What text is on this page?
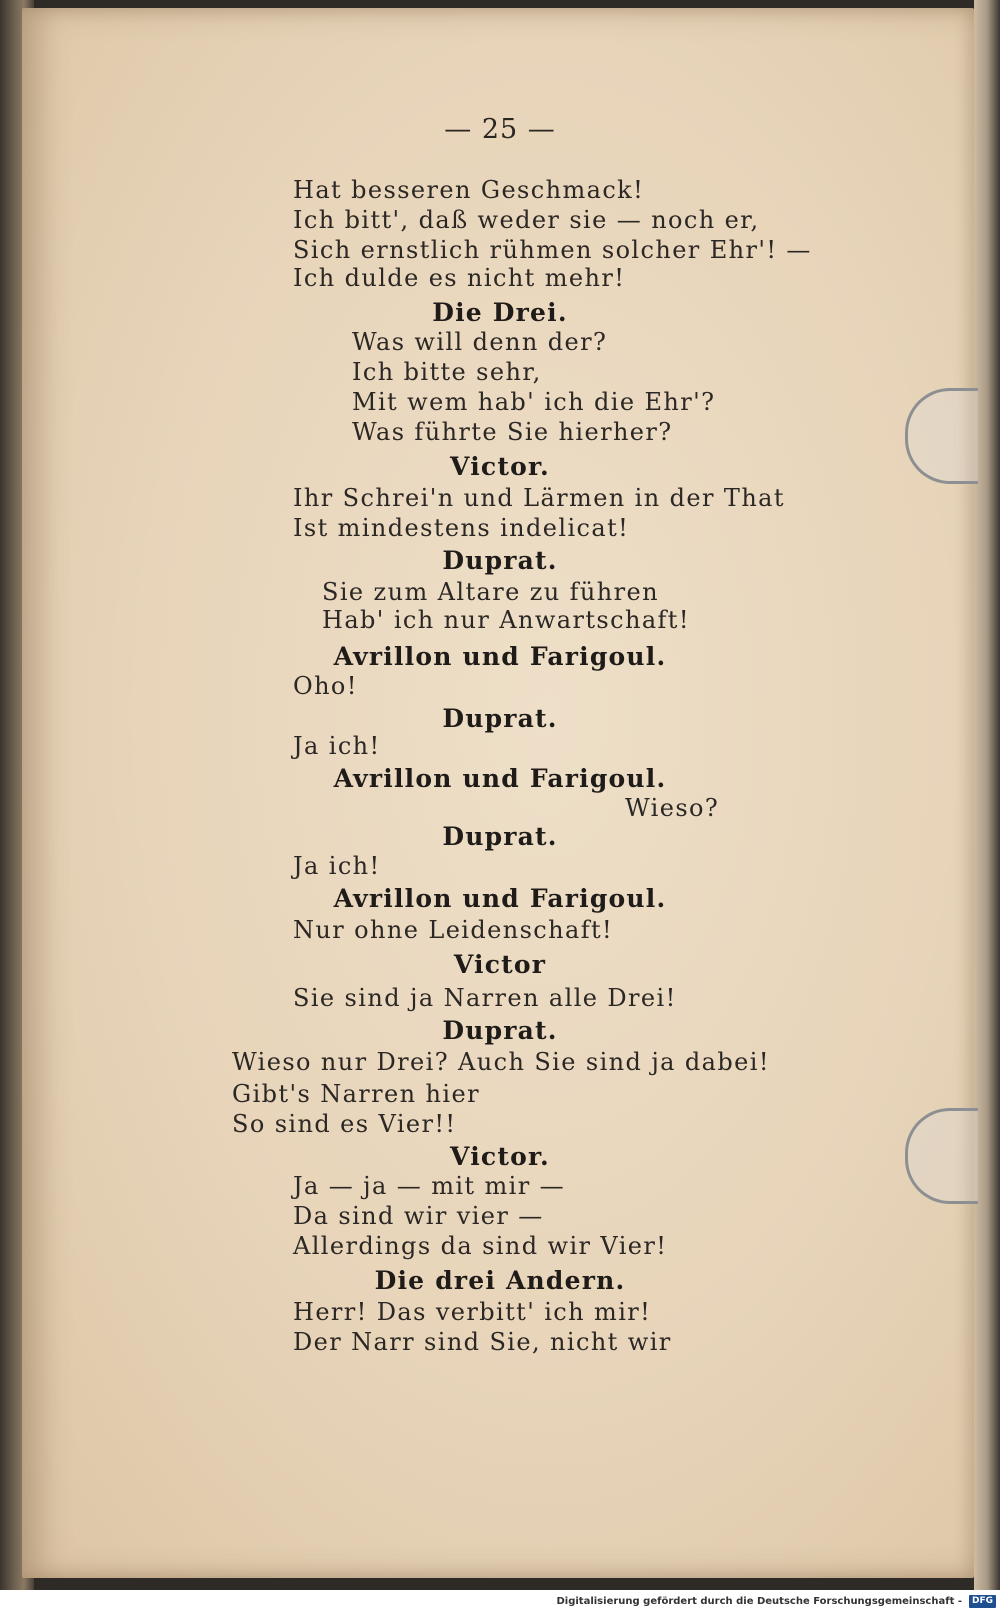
— 25 —
Hat besseren Geschmack!
Ich bitt', daß weder sie — noch er,
Sich ernstlich rühmen solcher Ehr'! —
Ich dulde es nicht mehr!
Die Drei.
Was will denn der?
Ich bitte sehr,
Mit wem hab' ich die Ehr'?
Was führte Sie hierher?
Victor.
Ihr Schrei'n und Lärmen in der That
Ist mindestens indelicat!
Duprat.
Sie zum Altare zu führen
Hab' ich nur Anwartschaft!
Avrillon und Farigoul.
Oho!
Duprat.
Ja ich!
Avrillon und Farigoul.
Wieso?
Duprat.
Ja ich!
Avrillon und Farigoul.
Nur ohne Leidenschaft!
Victor
Sie sind ja Narren alle Drei!
Duprat.
Wieso nur Drei? Auch Sie sind ja dabei!
Gibt's Narren hier
So sind es Vier!!
Victor.
Ja — ja — mit mir —
Da sind wir vier —
Allerdings da sind wir Vier!
Die drei Andern.
Herr! Das verbitt' ich mir!
Der Narr sind Sie, nicht wir
Digitalisierung gefördert durch die Deutsche Forschungsgemeinschaft -	DFG
